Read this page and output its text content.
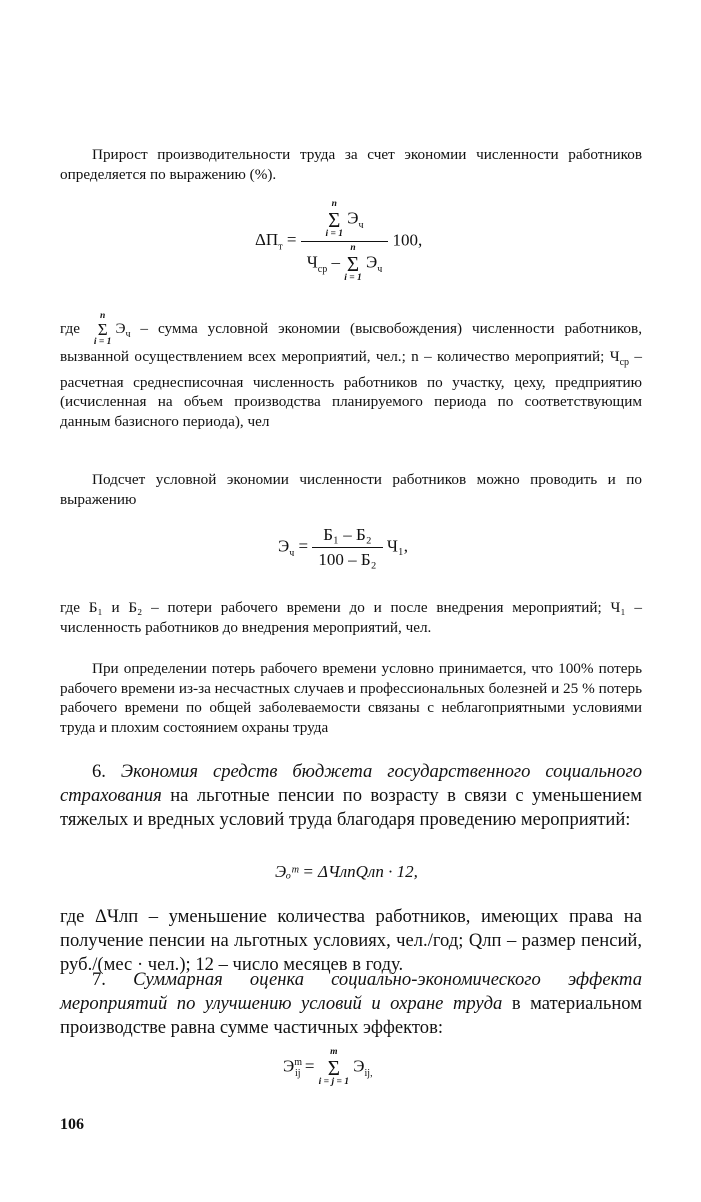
Прирост производительности труда за счет экономии численности работников определяется по выражению (%).

$\Delta П_т$ =
n
Σ
i = 1
$Э_ч$
$Ч_{ср}$ –
n
Σ
i = 1
$Э_ч$
100,
где
n
Σ
i = 1
$Э_ч$ – сумма условной экономии (высвобождения) численности работников, вызванной осуществлением всех мероприятий, чел.; n – количество мероприятий; $Ч_{ср}$ – расчетная среднесписочная численность работников по участку, цеху, предприятию (исчисленная на объем производства планируемого периода по соответствующим данным базисного периода), чел

Подсчет условной экономии численности работников можно проводить и по выражению

$Э_ч = \frac{\text{Б₁ – Б₂}}{\text{100 – Б₂}} Ч_1$,

где Б₁ и Б₂ – потери рабочего времени до и после внедрения мероприятий; Ч₁ – численность работников до внедрения мероприятий, чел.

При определении потерь рабочего времени условно принимается, что 100% потерь рабочего времени из-за несчастных случаев и профессиональных болезней и 25 % потерь рабочего времени по общей заболеваемости связаны с неблагоприятными условиями труда и плохим состоянием охраны труда

6. Экономия средств бюджета государственного социального страхования на льготные пенсии по возрасту в связи с уменьшением тяжелых и вредных условий труда благодаря проведению мероприятий:
Эₒᵐ = ΔЧлпQлп · 12,

где ΔЧлп – уменьшение количества работников, имеющих права на получение пенсии на льготных условиях, чел./год; Qлп – размер пенсий, руб./(мес · чел.); 12 – число месяцев в году.

7. Суммарная оценка социально-экономического эффекта мероприятий по улучшению условий и охране труда в материальном производстве равна сумме частичных эффектов:
$Э^m_{ij}$ =
m
Σ
i = j = 1
$Э_{ij,}$
106
